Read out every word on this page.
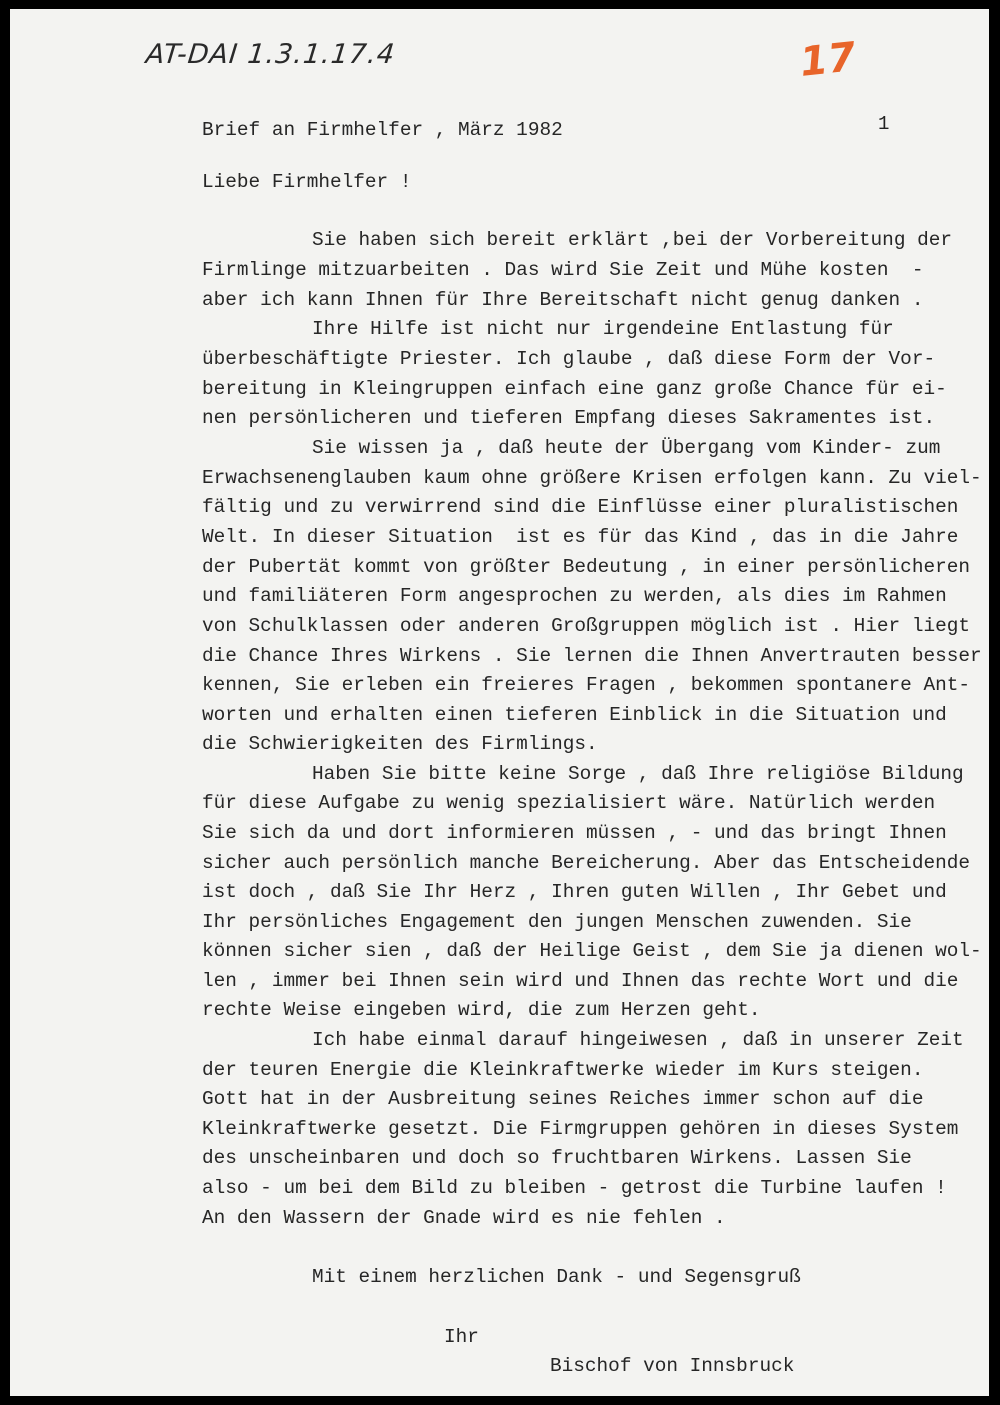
AT-DAI 1.3.1.17.4	17
1
Brief an Firmhelfer , März 1982
Liebe Firmhelfer !
Sie haben sich bereit erklärt ,bei der Vorbereitung der
Firmlinge mitzuarbeiten . Das wird Sie Zeit und Mühe kosten  -
aber ich kann Ihnen für Ihre Bereitschaft nicht genug danken .
Ihre Hilfe ist nicht nur irgendeine Entlastung für
überbeschäftigte Priester. Ich glaube , daß diese Form der Vor-
bereitung in Kleingruppen einfach eine ganz große Chance für ei-
nen persönlicheren und tieferen Empfang dieses Sakramentes ist.
Sie wissen ja , daß heute der Übergang vom Kinder- zum
Erwachsenenglauben kaum ohne größere Krisen erfolgen kann. Zu viel-
fältig und zu verwirrend sind die Einflüsse einer pluralistischen
Welt. In dieser Situation  ist es für das Kind , das in die Jahre
der Pubertät kommt von größter Bedeutung , in einer persönlicheren
und familiäteren Form angesprochen zu werden, als dies im Rahmen
von Schulklassen oder anderen Großgruppen möglich ist . Hier liegt
die Chance Ihres Wirkens . Sie lernen die Ihnen Anvertrauten besser
kennen, Sie erleben ein freieres Fragen , bekommen spontanere Ant-
worten und erhalten einen tieferen Einblick in die Situation und
die Schwierigkeiten des Firmlings.
Haben Sie bitte keine Sorge , daß Ihre religiöse Bildung
für diese Aufgabe zu wenig spezialisiert wäre. Natürlich werden
Sie sich da und dort informieren müssen , - und das bringt Ihnen
sicher auch persönlich manche Bereicherung. Aber das Entscheidende
ist doch , daß Sie Ihr Herz , Ihren guten Willen , Ihr Gebet und
Ihr persönliches Engagement den jungen Menschen zuwenden. Sie
können sicher sien , daß der Heilige Geist , dem Sie ja dienen wol-
len , immer bei Ihnen sein wird und Ihnen das rechte Wort und die
rechte Weise eingeben wird, die zum Herzen geht.
Ich habe einmal darauf hingeiwesen , daß in unserer Zeit
der teuren Energie die Kleinkraftwerke wieder im Kurs steigen.
Gott hat in der Ausbreitung seines Reiches immer schon auf die
Kleinkraftwerke gesetzt. Die Firmgruppen gehören in dieses System
des unscheinbaren und doch so fruchtbaren Wirkens. Lassen Sie
also - um bei dem Bild zu bleiben - getrost die Turbine laufen !
An den Wassern der Gnade wird es nie fehlen .
Mit einem herzlichen Dank - und Segensgruß
Ihr
Bischof von Innsbruck
